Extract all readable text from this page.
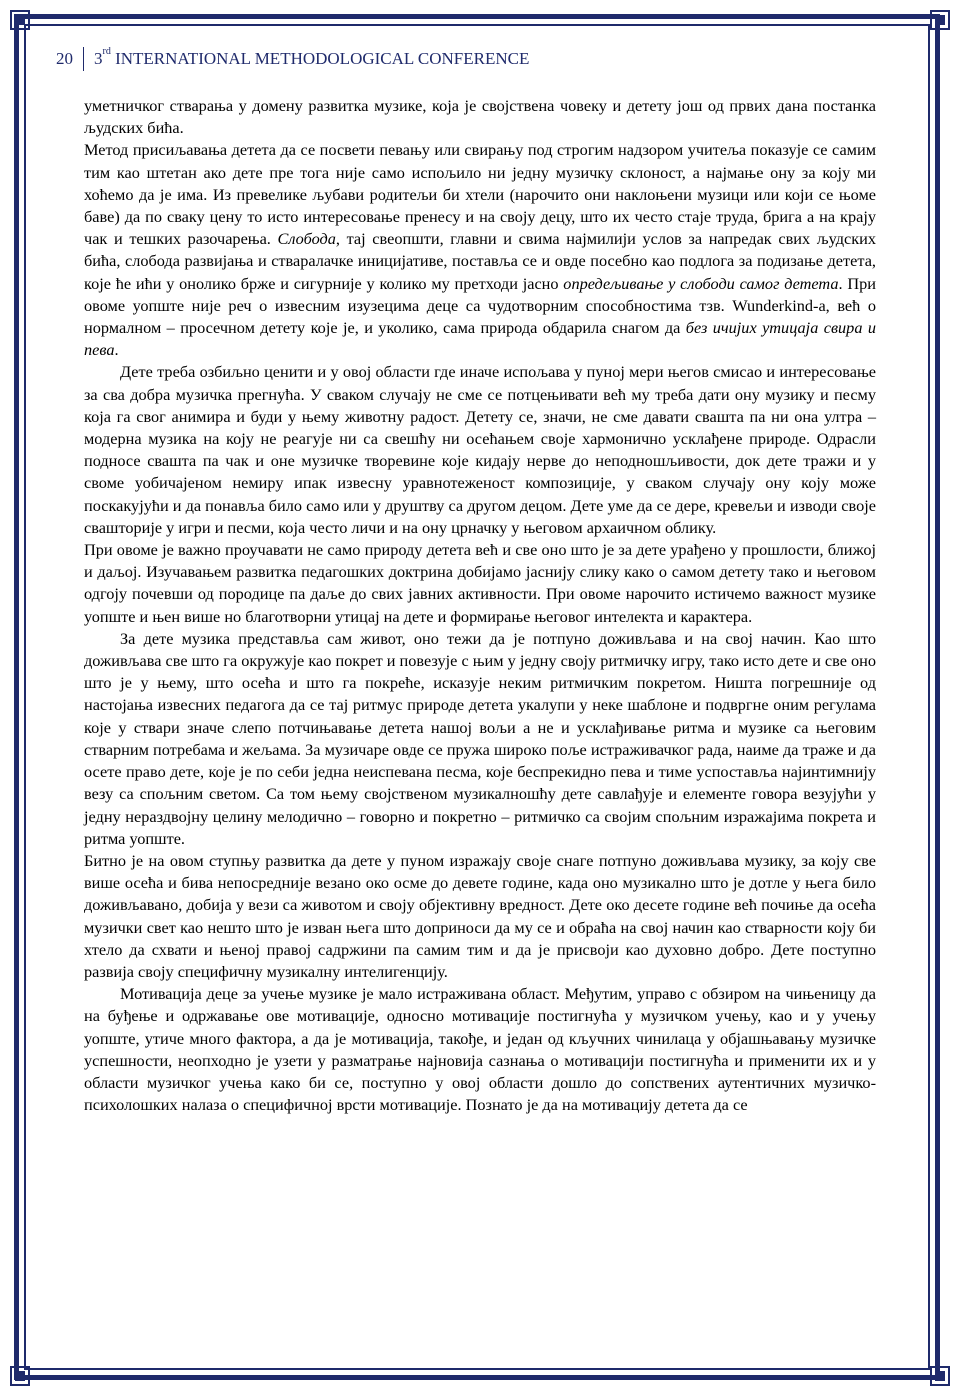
20	3rd
INTERNATIONAL METHODOLOGICAL CONFERENCE

уметничког стварања у домену развитка музике, која је својствена човеку и детету још од првих дана постанка људских бића.

Метод присиљавања детета да се посвети певању или свирању под строгим надзором учитеља показује се самим тим као штетан ако дете пре тога није само испољило ни једну музичку склоност, а најмање ону за коју ми хоћемо да је има. Из превелике љубави родитељи би хтели (нарочито они наклоњени музици или који се њоме баве) да по сваку цену то исто интересовање пренесу и на своју децу, што их често стаје труда, брига а на крају чак и тешких разочарења. Слобода, тај свеопшти, главни и свима најмилији услов за напредак свих људских бића, слобода развијања и стваралачке иницијативе, поставља се и овде посебно као подлога за подизање детета, које ће ићи у онолико брже и сигурније у колико му претходи јасно опредељивање у слободи самог детета. При овоме уопште није реч о извесним изузецима деце са чудотворним способностима тзв. Wunderkind-a, већ о нормалном – просечном детету које је, и уколико, сама природа обдарила снагом да без ичијих утицаја свира и пева.

Дете треба озбиљно ценити и у овој области где иначе испољава у пуној мери његов смисао и интересовање за сва добра музичка прегнућа. У сваком случају не сме се потцењивати већ му треба дати ону музику и песму која га свог анимира и буди у њему животну радост. Детету се, значи, не сме давати свашта па ни она ултра – модерна музика на коју не реагује ни са свешћу ни осећањем своје хармонично усклађене природе. Одрасли подносе свашта па чак и оне музичке творевине које кидају нерве до неподношљивости, док дете тражи и у своме уобичајеном немиру ипак извесну уравнотеженост композиције, у сваком случају ону коју може поскакујући и да понавља било само или у друштву са другом децом. Дете уме да се дере, кревељи и изводи своје свашторије у игри и песми, која често личи и на ону црначку у његовом архаичном облику.

При овоме је важно проучавати не само природу детета већ и све оно што је за дете урађено у прошлости, ближој и даљој. Изучавањем развитка педагошких доктрина добијамо јаснију слику како о самом детету тако и његовом одгоју почевши од породице па даље до свих јавних активности. При овоме нарочито истичемо важност музике уопште и њен више но благотворни утицај на дете и формирање његовог интелекта и карактера.

За дете музика представља сам живот, оно тежи да је потпуно доживљава и на свој начин. Као што доживљава све што га окружује као покрет и повезује с њим у једну своју ритмичку игру, тако исто дете и све оно што је у њему, што осећа и што га покреће, исказује неким ритмичким покретом. Ништа погрешније од настојања извесних педагога да се тај ритмус природе детета укалупи у неке шаблоне и подвргне оним регулама које у ствари значе слепо потчињавање детета нашој вољи а не и усклађивање ритма и музике са његовим стварним потребама и жељама. За музичаре овде се пружа широко поље истраживачког рада, наиме да траже и да осете право дете, које је по себи једна неиспевана песма, које беспрекидно пева и тиме успоставља најинтимнију везу са спољним светом. Са том њему својственом музикалношћу дете савлађује и елементе говора везујући у једну нераздвојну целину мелодично – говорно и покретно – ритмичко са својим спољним изражајима покрета и ритма уопште.

Битно је на овом ступњу развитка да дете у пуном изражају своје снаге потпуно доживљава музику, за коју све више осећа и бива непосредније везано око осме до девете године, када оно музикално што је дотле у њега било доживљавано, добија у вези са животом и своју објективну вредност. Дете око десете године већ почиње да осећа музички свет као нешто што је изван њега што доприноси да му се и обраћа на свој начин као стварности коју би хтело да схвати и њеној правој садржини па самим тим и да је присвоји као духовно добро. Дете поступно развија своју специфичну музикалну интелигенцију.

Мотивација деце за учење музике је мало истраживана област. Међутим, управо с обзиром на чињеницу да на буђење и одржавање ове мотивације, односно мотивације постигнућа у музичком учењу, као и у учењу уопште, утиче много фактора, а да је мотивација, такође, и један од кључних чинилаца у објашњавању музичке успешности, неопходно је узети у разматрање најновија сазнања о мотивацији постигнућа и применити их и у области музичког учења како би се, поступно у овој области дошло до сопствених аутентичних музичко-психолошких налаза о специфичној врсти мотивације. Познато је да на мотивацију детета да се
